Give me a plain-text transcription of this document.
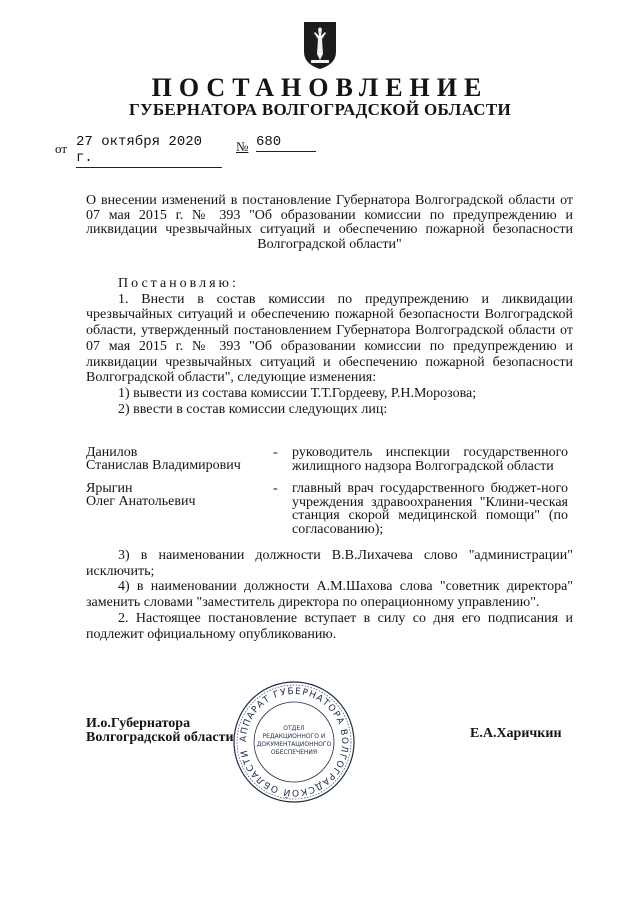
ПОСТАНОВЛЕНИЕ
ГУБЕРНАТОРА ВОЛГОГРАДСКОЙ ОБЛАСТИ
от 27 октября 2020 г.
№ 680
О внесении изменений в постановление Губернатора Волгоградской области от 07 мая 2015 г. № 393 "Об образовании комиссии по предупреждению и ликвидации чрезвычайных ситуаций и обеспечению пожарной безопасности Волгоградской области"

Постановляю:

1. Внести в состав комиссии по предупреждению и ликвидации чрезвычайных ситуаций и обеспечению пожарной безопасности Волгоградской области, утвержденный постановлением Губернатора Волгоградской области от 07 мая 2015 г. № 393 "Об образовании комиссии по предупреждению и ликвидации чрезвычайных ситуаций и обеспечению пожарной безопасности Волгоградской области", следующие изменения:

1) вывести из состава комиссии Т.Т.Гордееву, Р.Н.Морозова;

2) ввести в состав комиссии следующих лиц:

Данилов
Станислав Владимирович
- руководитель инспекции государственного жилищного надзора Волгоградской области
Ярыгин
Олег Анатольевич
- главный врач государственного бюджет-ного учреждения здравоохранения "Клини-ческая станция скорой медицинской помощи" (по согласованию);

3) в наименовании должности В.В.Лихачева слово "администрации" исключить;

4) в наименовании должности А.М.Шахова слова "советник директора" заменить словами "заместитель директора по операционному управлению".

2. Настоящее постановление вступает в силу со дня его подписания и подлежит официальному опубликованию.

АППАРАТ ГУБЕРНАТОРА ВОЛГОГРАДСКОЙ ОБЛАСТИ
ОТДЕЛ
РЕДАКЦИОННОГО И
ДОКУМЕНТАЦИОННОГО
ОБЕСПЕЧЕНИЯ
И.о.Губернатора
Волгоградской области	Е.А.Харичкин
